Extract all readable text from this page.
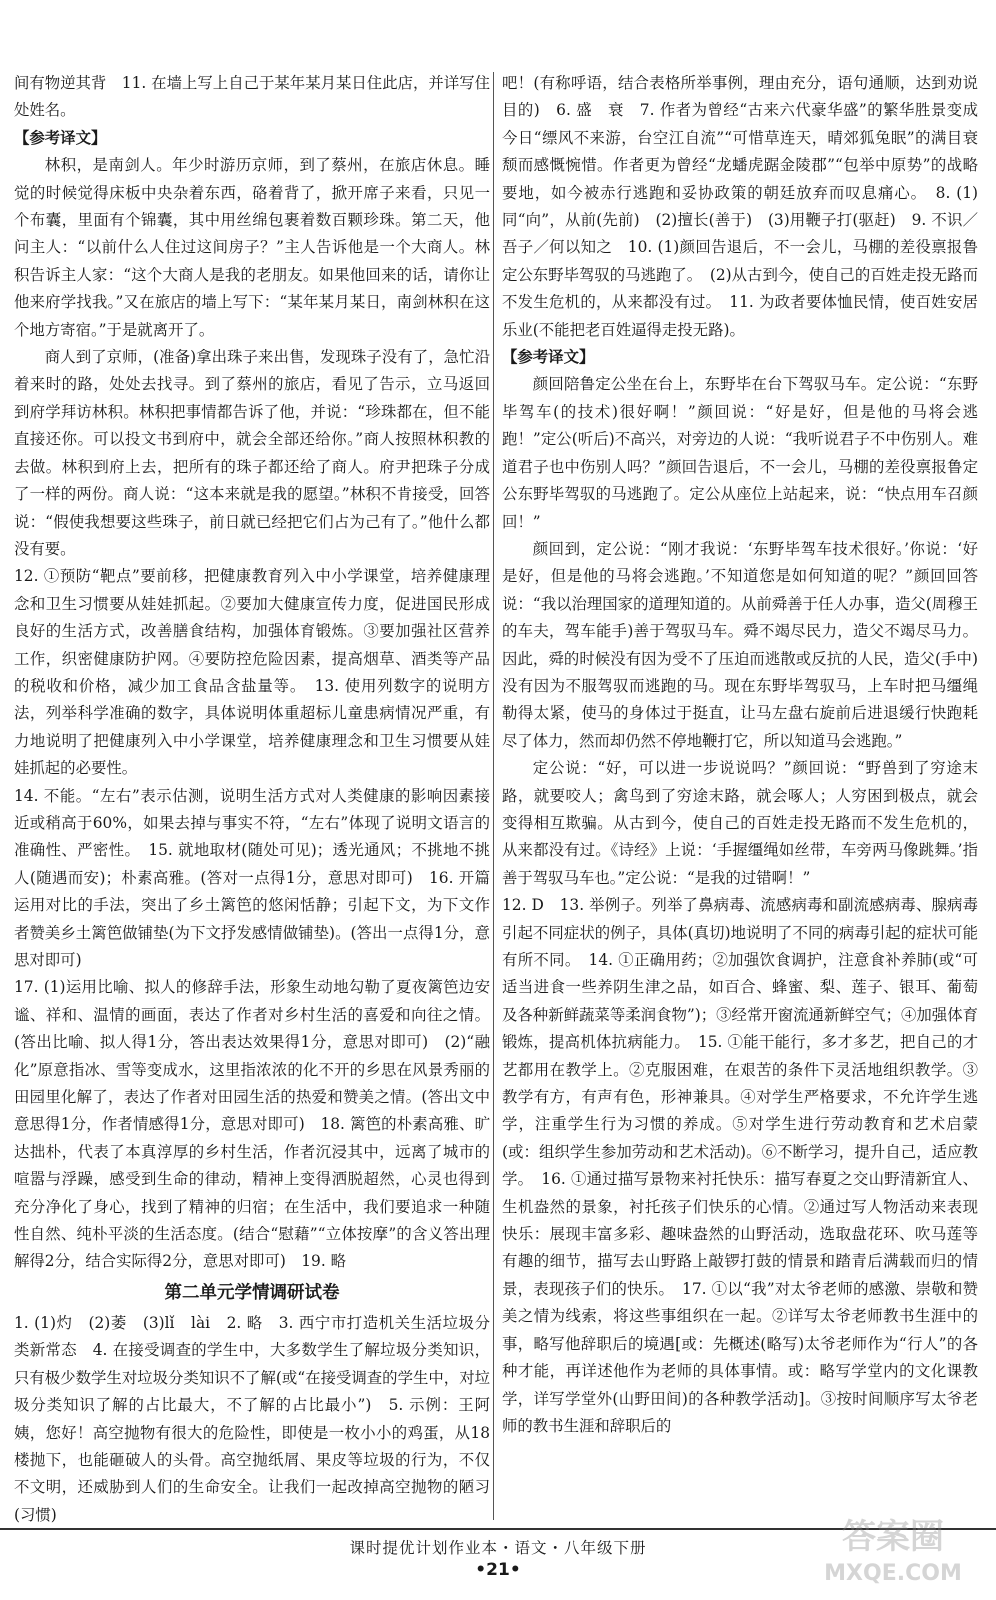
间有物逆其背　11. 在墙上写上自己于某年某月某日住此店，并详写住处姓名。

【参考译文】

林积，是南剑人。年少时游历京师，到了蔡州，在旅店休息。睡觉的时候觉得床板中央杂着东西，硌着背了，掀开席子来看，只见一个布囊，里面有个锦囊，其中用丝绵包裹着数百颗珍珠。第二天，他问主人：“以前什么人住过这间房子？”主人告诉他是一个大商人。林积告诉主人家：“这个大商人是我的老朋友。如果他回来的话，请你让他来府学找我。”又在旅店的墙上写下：“某年某月某日，南剑林积在这个地方寄宿。”于是就离开了。

商人到了京师，(准备)拿出珠子来出售，发现珠子没有了，急忙沿着来时的路，处处去找寻。到了蔡州的旅店，看见了告示，立马返回到府学拜访林积。林积把事情都告诉了他，并说：“珍珠都在，但不能直接还你。可以投文书到府中，就会全部还给你。”商人按照林积教的去做。林积到府上去，把所有的珠子都还给了商人。府尹把珠子分成了一样的两份。商人说：“这本来就是我的愿望。”林积不肯接受，回答说：“假使我想要这些珠子，前日就已经把它们占为己有了。”他什么都没有要。

12. ①预防“靶点”要前移，把健康教育列入中小学课堂，培养健康理念和卫生习惯要从娃娃抓起。②要加大健康宣传力度，促进国民形成良好的生活方式，改善膳食结构，加强体育锻炼。③要加强社区营养工作，织密健康防护网。④要防控危险因素，提高烟草、酒类等产品的税收和价格，减少加工食品含盐量等。　13. 使用列数字的说明方法，列举科学准确的数字，具体说明体重超标儿童患病情况严重，有力地说明了把健康列入中小学课堂，培养健康理念和卫生习惯要从娃娃抓起的必要性。

14. 不能。“左右”表示估测，说明生活方式对人类健康的影响因素接近或稍高于60%，如果去掉与事实不符，“左右”体现了说明文语言的准确性、严密性。　15. 就地取材(随处可见)；透光通风；不挑地不挑人(随遇而安)；朴素高雅。(答对一点得1分，意思对即可)　16. 开篇运用对比的手法，突出了乡土篱笆的悠闲恬静；引起下文，为下文作者赞美乡土篱笆做铺垫(为下文抒发感情做铺垫)。(答出一点得1分，意思对即可)

17. (1)运用比喻、拟人的修辞手法，形象生动地勾勒了夏夜篱笆边安谧、祥和、温情的画面，表达了作者对乡村生活的喜爱和向往之情。(答出比喻、拟人得1分，答出表达效果得1分，意思对即可)　(2)“融化”原意指冰、雪等变成水，这里指浓浓的化不开的乡思在风景秀丽的田园里化解了，表达了作者对田园生活的热爱和赞美之情。(答出文中意思得1分，作者情感得1分，意思对即可)　18. 篱笆的朴素高雅、旷达拙朴，代表了本真淳厚的乡村生活，作者沉浸其中，远离了城市的喧嚣与浮躁，感受到生命的律动，精神上变得洒脱超然，心灵也得到充分净化了身心，找到了精神的归宿；在生活中，我们要追求一种随性自然、纯朴平淡的生活态度。(结合“慰藉”“立体按摩”的含义答出理解得2分，结合实际得2分，意思对即可)　19. 略

第二单元学情调研试卷

1. (1)灼　(2)萎　(3)lǐ　lài　2. 略　3. 西宁市打造机关生活垃圾分类新常态　4. 在接受调查的学生中，大多数学生了解垃圾分类知识，只有极少数学生对垃圾分类知识不了解(或“在接受调查的学生中，对垃圾分类知识了解的占比最大，不了解的占比最小”)　5. 示例：王阿姨，您好！高空抛物有很大的危险性，即使是一枚小小的鸡蛋，从18楼抛下，也能砸破人的头骨。高空抛纸屑、果皮等垃圾的行为，不仅不文明，还威胁到人们的生命安全。让我们一起改掉高空抛物的陋习(习惯)

吧！(有称呼语，结合表格所举事例，理由充分，语句通顺，达到劝说目的)　6. 盛　衰　7. 作者为曾经“古来六代豪华盛”的繁华胜景变成今日“缥风不来游，台空江自流”“可惜草连天，晴郊狐兔眠”的满目衰颓而感慨惋惜。作者更为曾经“龙蟠虎踞金陵郡”“包举中原势”的战略要地，如今被赤行逃跑和妥协政策的朝廷放弃而叹息痛心。　8. (1)同“向”，从前(先前)　(2)擅长(善于)　(3)用鞭子打(驱赶)　9. 不识／吾子／何以知之　10. (1)颜回告退后，不一会儿，马棚的差役禀报鲁定公东野毕驾驭的马逃跑了。　(2)从古到今，使自己的百姓走投无路而不发生危机的，从来都没有过。　11. 为政者要体恤民情，使百姓安居乐业(不能把老百姓逼得走投无路)。

【参考译文】

颜回陪鲁定公坐在台上，东野毕在台下驾驭马车。定公说：“东野毕驾车(的技术)很好啊！”颜回说：“好是好，但是他的马将会逃跑！”定公(听后)不高兴，对旁边的人说：“我听说君子不中伤别人。难道君子也中伤别人吗？”颜回告退后，不一会儿，马棚的差役禀报鲁定公东野毕驾驭的马逃跑了。定公从座位上站起来，说：“快点用车召颜回！”

颜回到，定公说：“刚才我说：‘东野毕驾车技术很好。’你说：‘好是好，但是他的马将会逃跑。’不知道您是如何知道的呢？”颜回回答说：“我以治理国家的道理知道的。从前舜善于任人办事，造父(周穆王的车夫，驾车能手)善于驾驭马车。舜不竭尽民力，造父不竭尽马力。因此，舜的时候没有因为受不了压迫而逃散或反抗的人民，造父(手中)没有因为不服驾驭而逃跑的马。现在东野毕驾驭马，上车时把马缰绳勒得太紧，使马的身体过于挺直，让马左盘右旋前后进退缓行快跑耗尽了体力，然而却仍然不停地鞭打它，所以知道马会逃跑。”

定公说：“好，可以进一步说说吗？”颜回说：“野兽到了穷途末路，就要咬人；禽鸟到了穷途末路，就会啄人；人穷困到极点，就会变得相互欺骗。从古到今，使自己的百姓走投无路而不发生危机的，从来都没有过。《诗经》上说：‘手握缰绳如丝带，车旁两马像跳舞。’指善于驾驭马车也。”定公说：“是我的过错啊！”

12. D　13. 举例子。列举了鼻病毒、流感病毒和副流感病毒、腺病毒引起不同症状的例子，具体(真切)地说明了不同的病毒引起的症状可能有所不同。　14. ①正确用药；②加强饮食调护，注意食补养肺(或“可适当进食一些养阴生津之品，如百合、蜂蜜、梨、莲子、银耳、葡萄及各种新鲜蔬菜等柔润食物”)；③经常开窗流通新鲜空气；④加强体育锻炼，提高机体抗病能力。　15. ①能干能行，多才多艺，把自己的才艺都用在教学上。②克服困难，在艰苦的条件下灵活地组织教学。③教学有方，有声有色，形神兼具。④对学生严格要求，不允许学生逃学，注重学生行为习惯的养成。⑤对学生进行劳动教育和艺术启蒙(或：组织学生参加劳动和艺术活动)。⑥不断学习，提升自己，适应教学。　16. ①通过描写景物来衬托快乐：描写春夏之交山野清新宜人、生机盎然的景象，衬托孩子们快乐的心情。②通过写人物活动来表现快乐：展现丰富多彩、趣味盎然的山野活动，选取盘花环、吹马莲等有趣的细节，描写去山野路上敲锣打鼓的情景和踏青后满载而归的情景，表现孩子们的快乐。　17. ①以“我”对太爷老师的感激、崇敬和赞美之情为线索，将这些事组织在一起。②详写太爷老师教书生涯中的事，略写他辞职后的境遇[或：先概述(略写)太爷老师作为“行人”的各种才能，再详述他作为老师的具体事情。或：略写学堂内的文化课教学，详写学堂外(山野田间)的各种教学活动]。③按时间顺序写太爷老师的教书生涯和辞职后的

课时提优计划作业本・语文・八年级下册
•21•
答案圈
MXQE.COM
